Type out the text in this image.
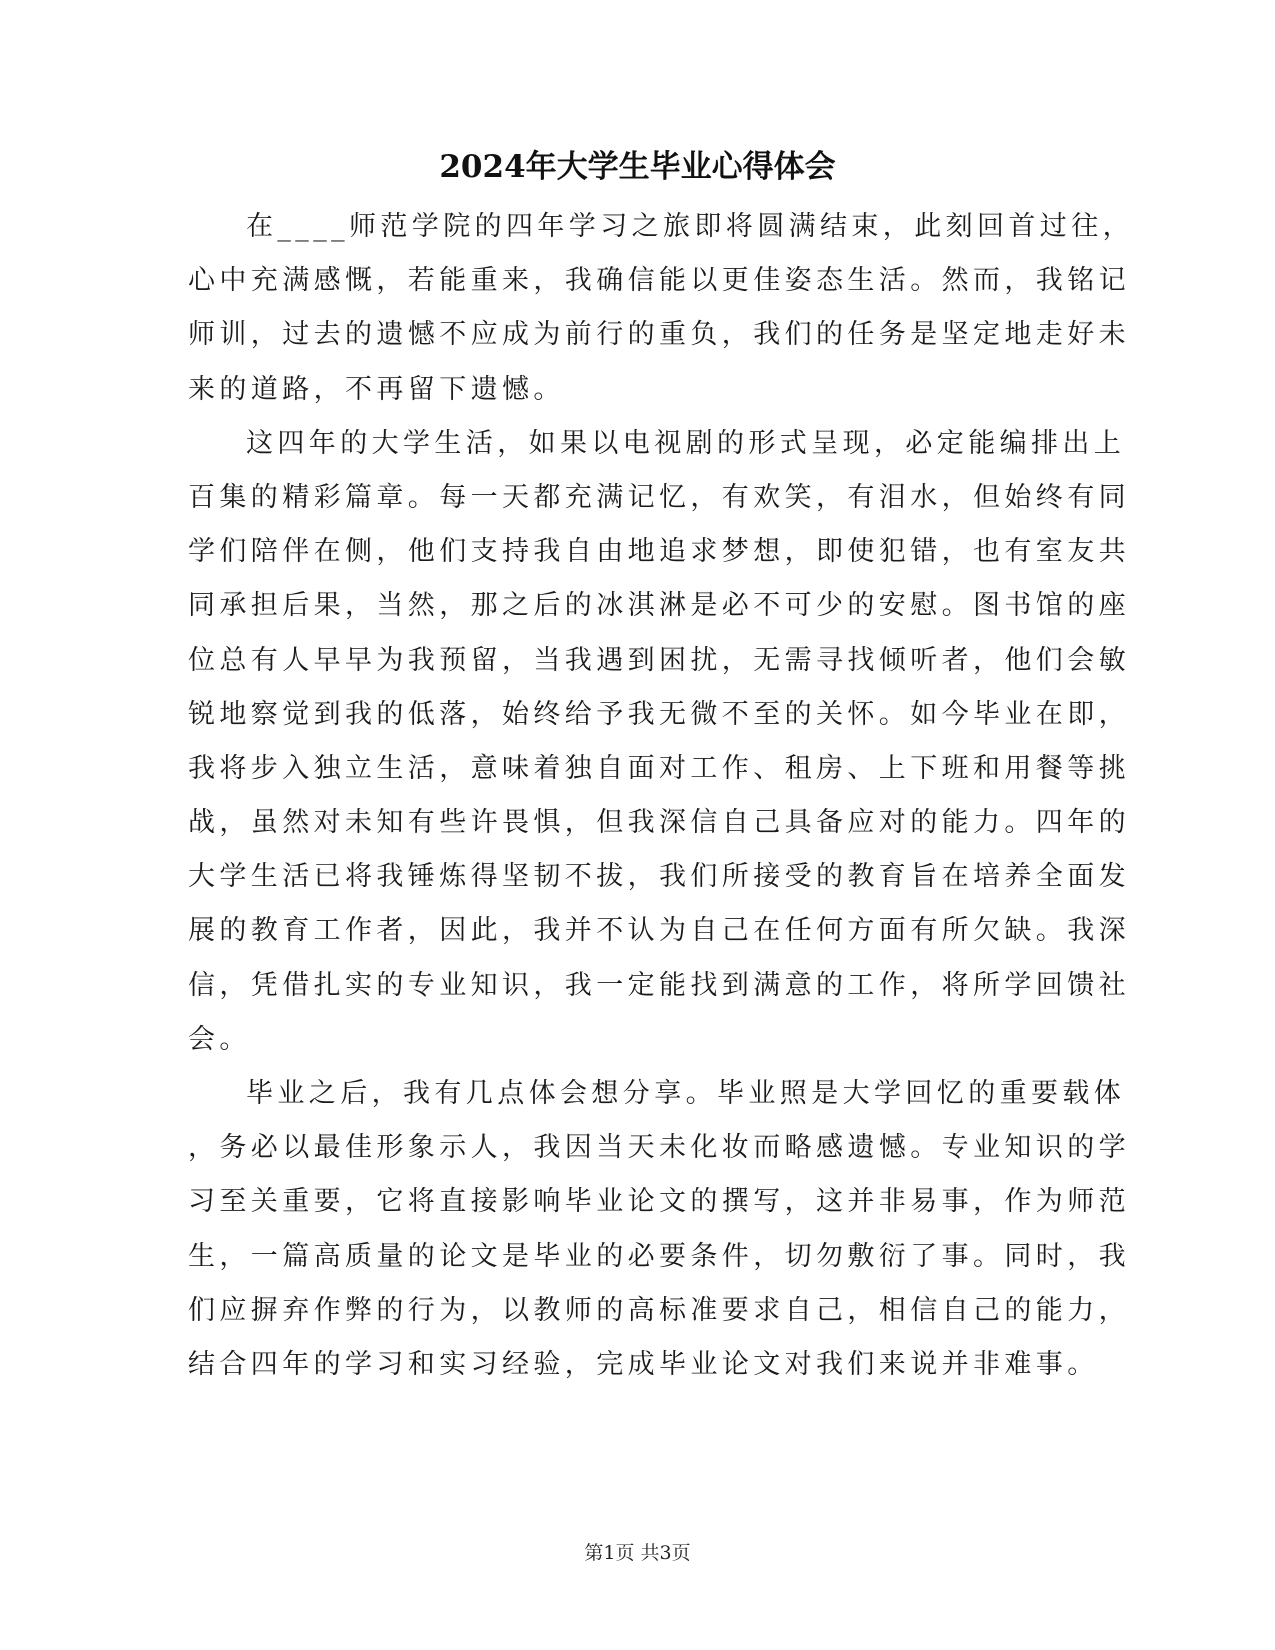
2024年大学生毕业心得体会
在____师范学院的四年学习之旅即将圆满结束，此刻回首过往，
心中充满感慨，若能重来，我确信能以更佳姿态生活。然而，我铭记
师训，过去的遗憾不应成为前行的重负，我们的任务是坚定地走好未
来的道路，不再留下遗憾。
这四年的大学生活，如果以电视剧的形式呈现，必定能编排出上
百集的精彩篇章。每一天都充满记忆，有欢笑，有泪水，但始终有同
学们陪伴在侧，他们支持我自由地追求梦想，即使犯错，也有室友共
同承担后果，当然，那之后的冰淇淋是必不可少的安慰。图书馆的座
位总有人早早为我预留，当我遇到困扰，无需寻找倾听者，他们会敏
锐地察觉到我的低落，始终给予我无微不至的关怀。如今毕业在即，
我将步入独立生活，意味着独自面对工作、租房、上下班和用餐等挑
战，虽然对未知有些许畏惧，但我深信自己具备应对的能力。四年的
大学生活已将我锤炼得坚韧不拔，我们所接受的教育旨在培养全面发
展的教育工作者，因此，我并不认为自己在任何方面有所欠缺。我深
信，凭借扎实的专业知识，我一定能找到满意的工作，将所学回馈社
会。
毕业之后，我有几点体会想分享。毕业照是大学回忆的重要载体
，务必以最佳形象示人，我因当天未化妆而略感遗憾。专业知识的学
习至关重要，它将直接影响毕业论文的撰写，这并非易事，作为师范
生，一篇高质量的论文是毕业的必要条件，切勿敷衍了事。同时，我
们应摒弃作弊的行为，以教师的高标准要求自己，相信自己的能力，
结合四年的学习和实习经验，完成毕业论文对我们来说并非难事。
第1页 共3页
